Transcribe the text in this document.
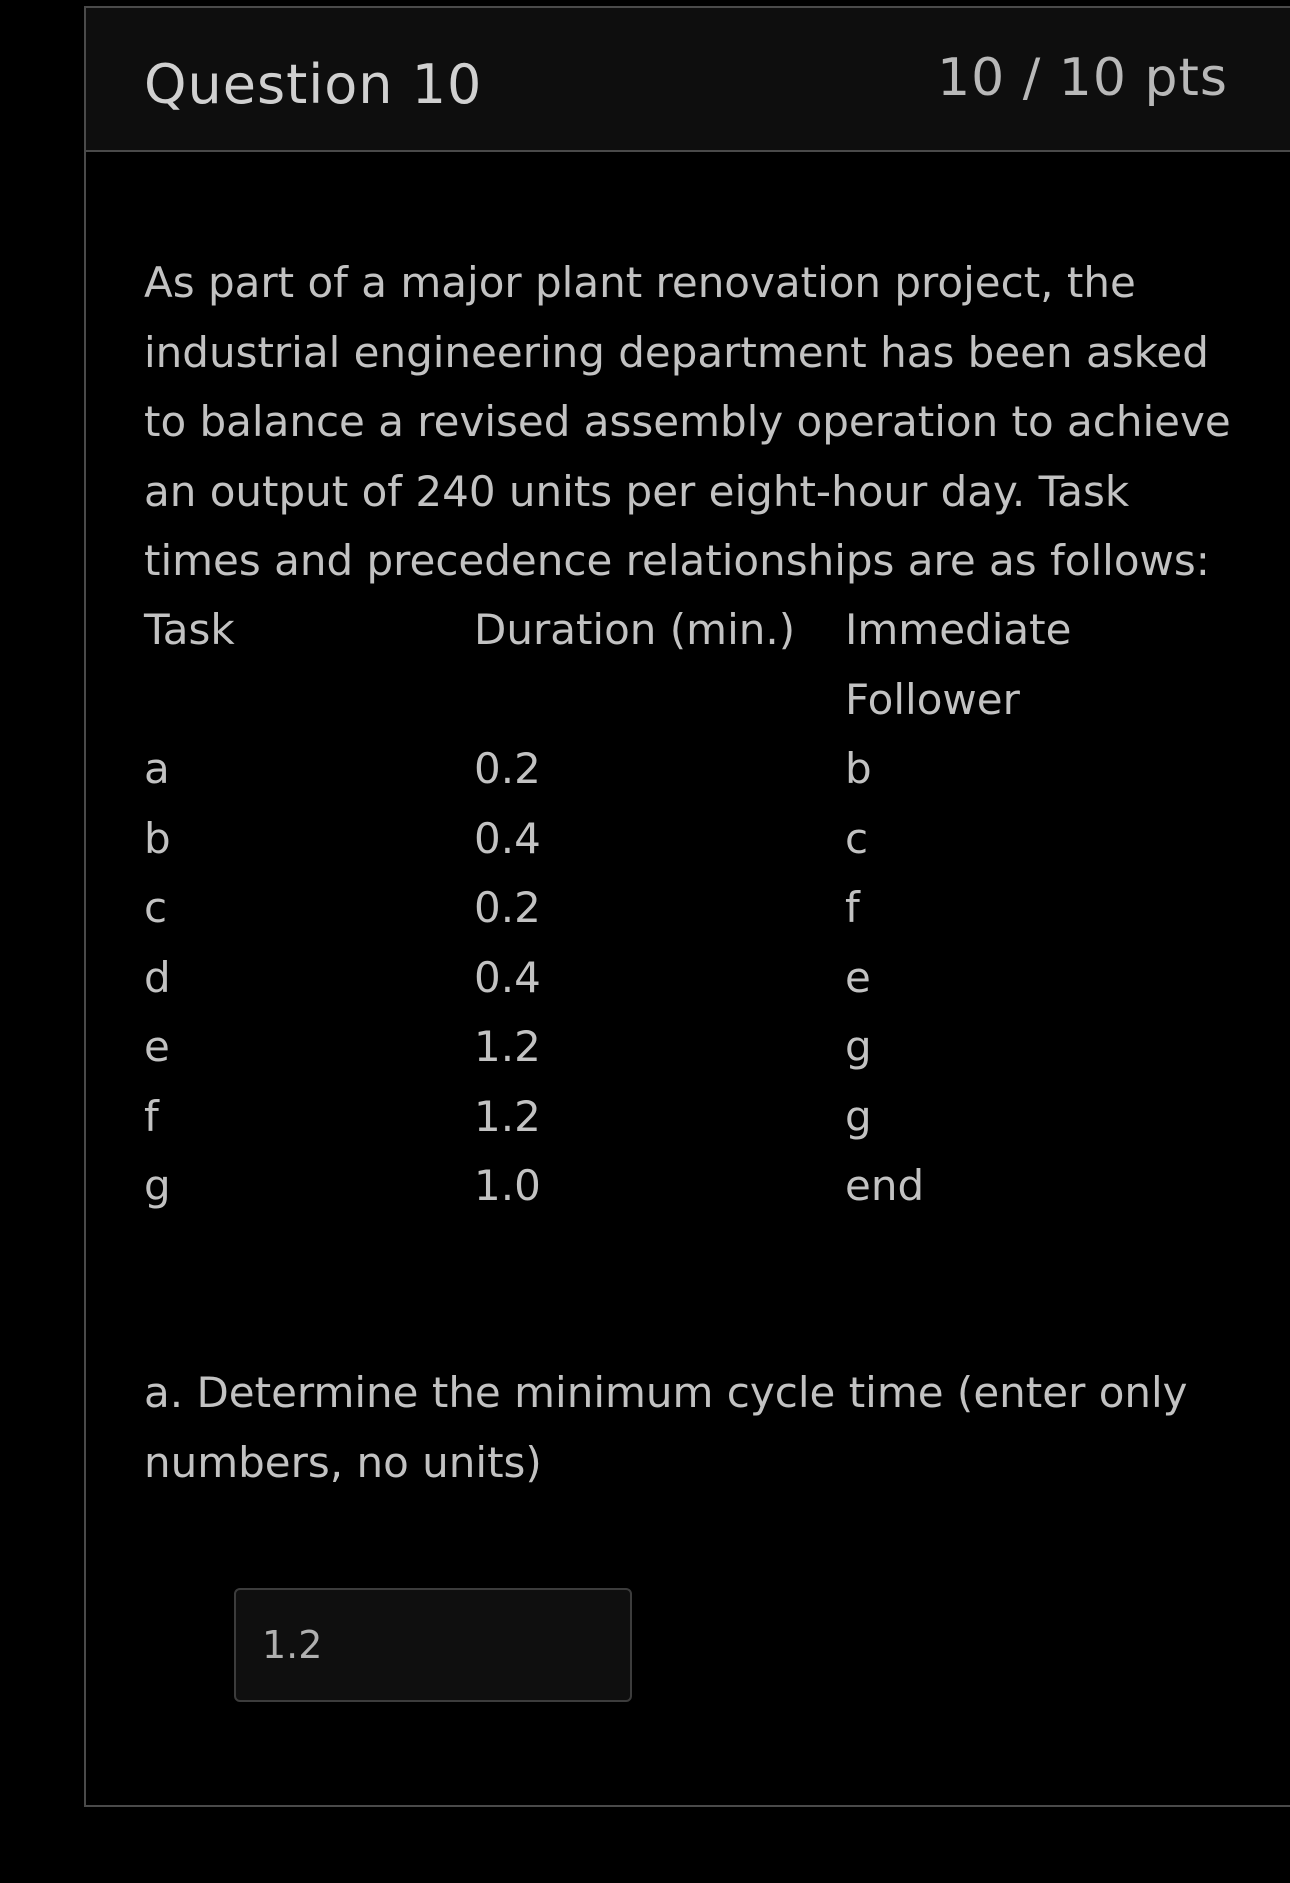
Question 10	10 / 10 pts
As part of a major plant renovation project, the industrial engineering department has been asked to balance a revised assembly operation to achieve an output of 240 units per eight-hour day. Task times and precedence relationships are as follows:
Task	Duration (min.) Immediate Follower
a	0.2	b
b	0.4	c
c	0.2	f
d	0.4	e
e	1.2	g
f	1.2	g
g	1.0	end
a. Determine the minimum cycle time (enter only numbers, no units)
1.2
